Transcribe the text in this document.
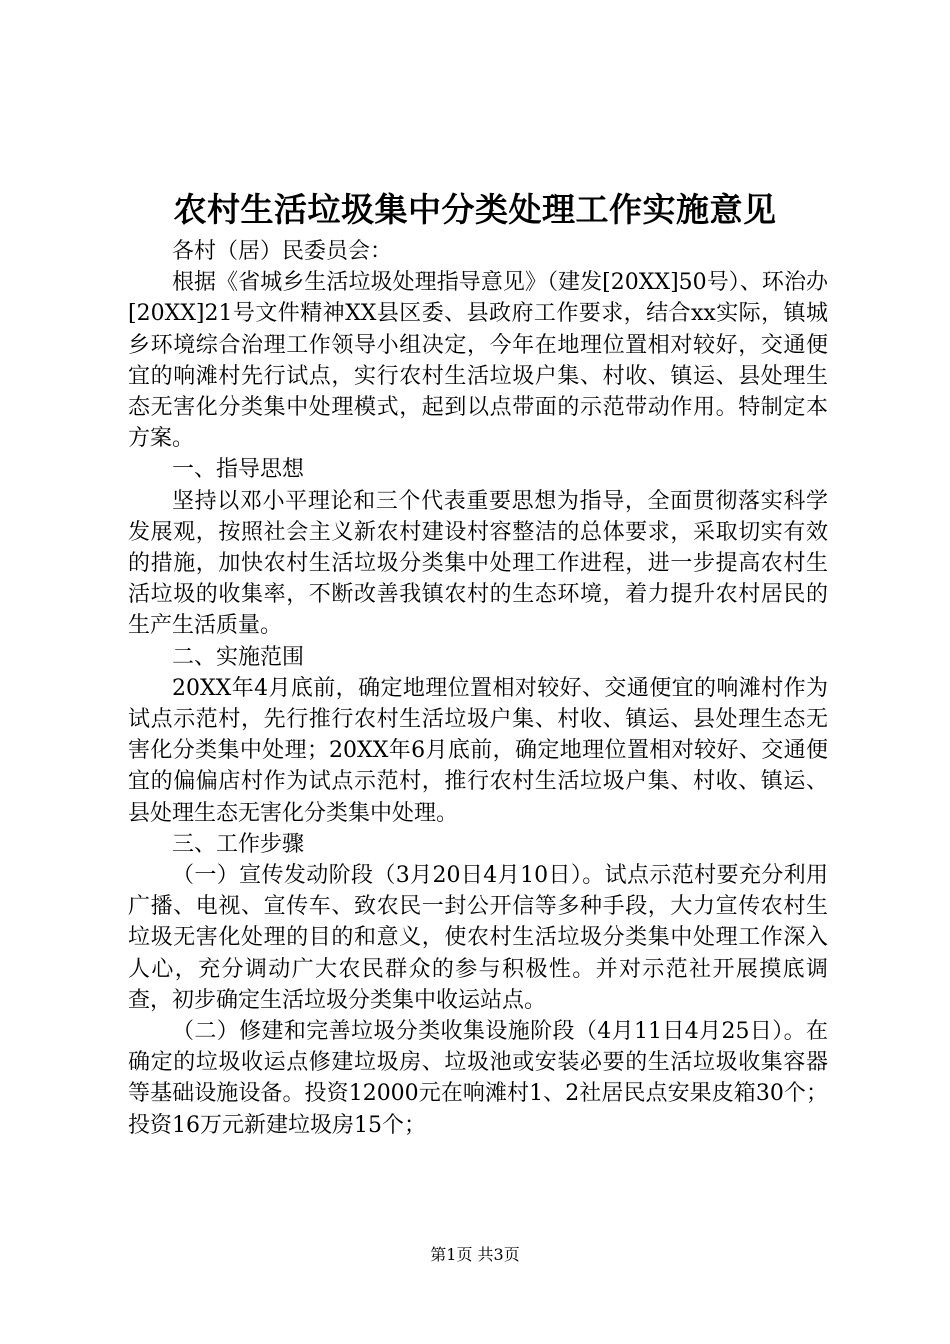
农村生活垃圾集中分类处理工作实施意见

各村（居）民委员会：

根据《省城乡生活垃圾处理指导意见》（建发[20XX]50号）、环治办[20XX]21号文件精神XX县区委、县政府工作要求，结合xx实际，镇城乡环境综合治理工作领导小组决定，今年在地理位置相对较好，交通便宜的响滩村先行试点，实行农村生活垃圾户集、村收、镇运、县处理生态无害化分类集中处理模式，起到以点带面的示范带动作用。特制定本方案。

一、指导思想

坚持以邓小平理论和三个代表重要思想为指导，全面贯彻落实科学发展观，按照社会主义新农村建设村容整洁的总体要求，采取切实有效的措施，加快农村生活垃圾分类集中处理工作进程，进一步提高农村生活垃圾的收集率，不断改善我镇农村的生态环境，着力提升农村居民的生产生活质量。

二、实施范围

20XX年4月底前，确定地理位置相对较好、交通便宜的响滩村作为试点示范村，先行推行农村生活垃圾户集、村收、镇运、县处理生态无害化分类集中处理；20XX年6月底前，确定地理位置相对较好、交通便宜的偏偏店村作为试点示范村，推行农村生活垃圾户集、村收、镇运、县处理生态无害化分类集中处理。

三、工作步骤

（一）宣传发动阶段（3月20日4月10日）。试点示范村要充分利用广播、电视、宣传车、致农民一封公开信等多种手段，大力宣传农村生垃圾无害化处理的目的和意义，使农村生活垃圾分类集中处理工作深入人心，充分调动广大农民群众的参与积极性。并对示范社开展摸底调查，初步确定生活垃圾分类集中收运站点。

（二）修建和完善垃圾分类收集设施阶段（4月11日4月25日）。在确定的垃圾收运点修建垃圾房、垃圾池或安装必要的生活垃圾收集容器等基础设施设备。投资12000元在响滩村1、2社居民点安果皮箱30个；投资16万元新建垃圾房15个；

第1页 共3页
